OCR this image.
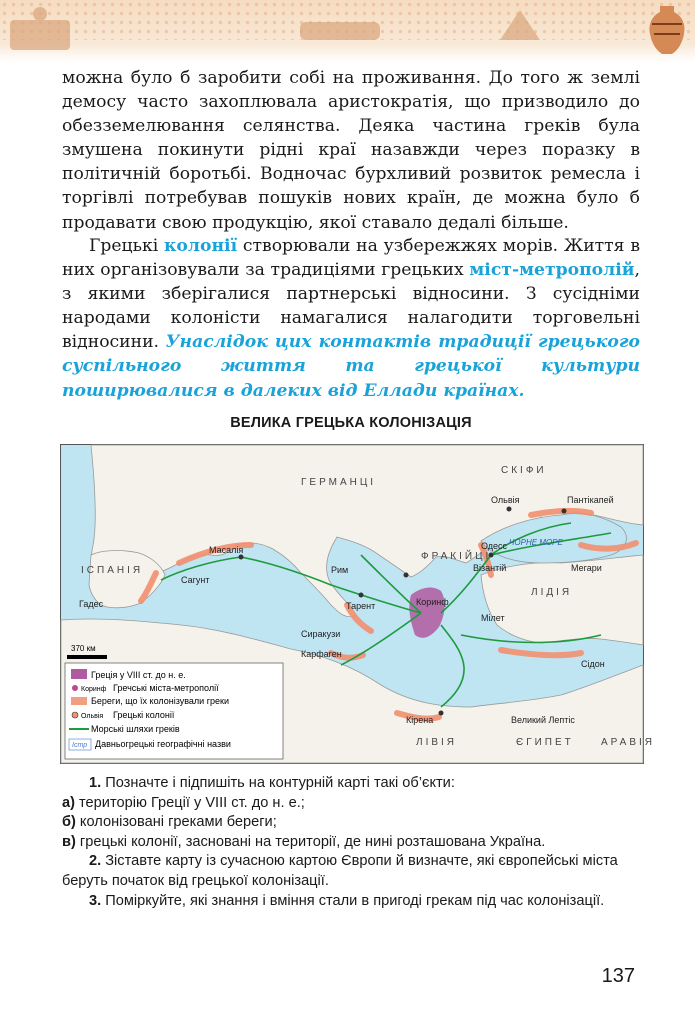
можна було б заробити собі на проживання. До того ж землі демосу часто захоплювала аристократія, що призводило до обезземелювання селянства. Деяка частина греків була змушена покинути рідні краї назавжди через поразку в політичній боротьбі. Водночас бурхливий розвиток ремесла і торгівлі потребував пошуків нових країн, де можна було б продавати свою продукцію, якої ставало дедалі більше.

Грецькі колонії створювали на узбережжях морів. Життя в них організовували за традиціями грецьких міст-метрополій, з якими зберігалися партнерські відносини. З сусідніми народами колоністи намагалися налагодити торговельні відносини. Унаслідок цих контактів традиції грецького суспільного життя та грецької культури поширювалися в далеких від Еллади країнах.

ВЕЛИКА ГРЕЦЬКА КОЛОНІЗАЦІЯ
Ольвія	Пантікапей
Одесс
Візантій	Мегари
Мілет
Коринф
Рим
Тарент
Сиракузи
Карфаген
Масалія
Сагунт
Гадес
Кірена	Великий Лептіс
Сідон
ГЕРМАНЦІ
СКІФИ
ІСПАНІЯ
ЛІДІЯ
ЛІВІЯ	ЄГИПЕТ	АРАВІЯ
ФРАКІЙЦІ
ЧОРНЕ МОРЕ
370 км
Греція у VIII ст. до н. е.
Коринф Гречські міста-метрополії
Береги, що їх колонізували греки
Ольвія Грецькі колонії
Морські шляхи греків
Істр Давньогрецькі географічні назви

1. Позначте і підпишіть на контурній карті такі об’єкти:

а) територію Греції у VIII ст. до н. е.;

б) колонізовані греками береги;

в) грецькі колонії, засновані на території, де нині розташована Україна.

2. Зіставте карту із сучасною картою Європи й визначте, які європейські міста беруть початок від грецької колонізації.

3. Поміркуйте, які знання і вміння стали в пригоді грекам під час колонізації.

137
